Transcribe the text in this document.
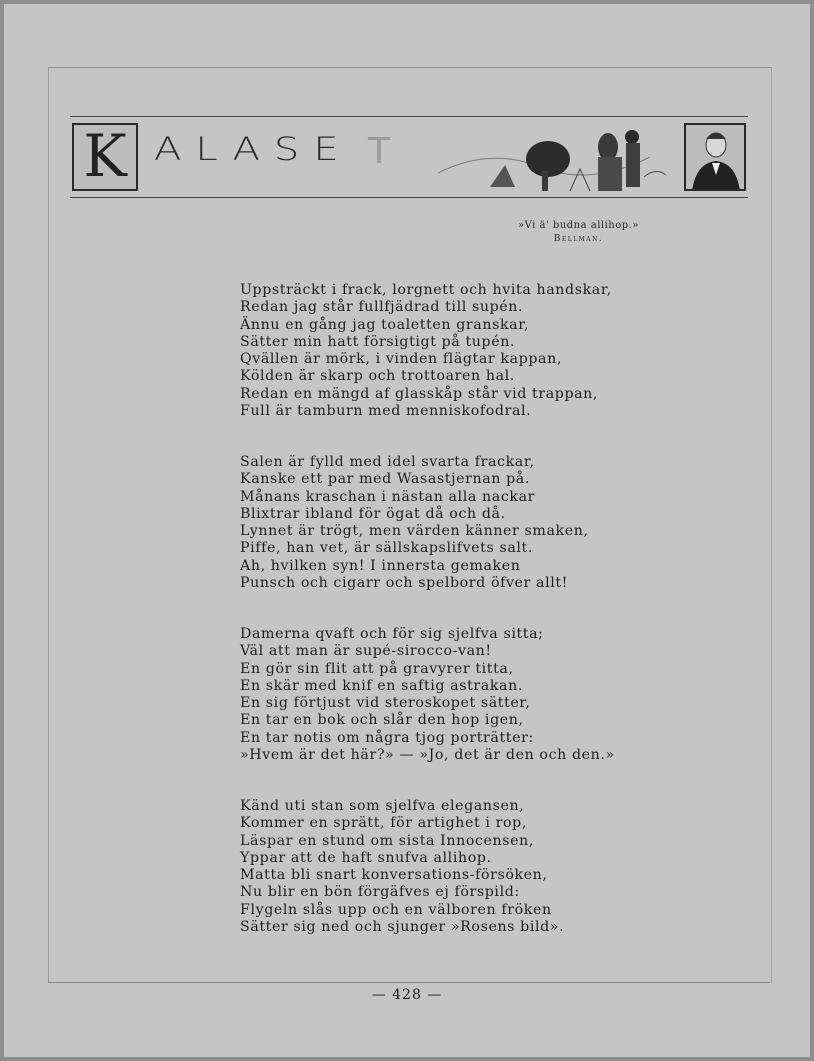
K ALASE T
»Vi ä' budna allihop.»
Bellman.
Uppsträckt i frack, lorgnett och hvita handskar,
Redan jag står fullfjädrad till supén.
Ännu en gång jag toaletten granskar,
Sätter min hatt försigtigt på tupén.
Qvällen är mörk, i vinden flägtar kappan,
Kölden är skarp och trottoaren hal.
Redan en mängd af glasskåp står vid trappan,
Full är tamburn med menniskofodral.
Salen är fylld med idel svarta frackar,
Kanske ett par med Wasastjernan på.
Månans kraschan i nästan alla nackar
Blixtrar ibland för ögat då och då.
Lynnet är trögt, men värden känner smaken,
Piffe, han vet, är sällskapslifvets salt.
Ah, hvilken syn! I innersta gemaken
Punsch och cigarr och spelbord öfver allt!
Damerna qvaft och för sig sjelfva sitta;
Väl att man är supé-sirocco-van!
En gör sin flit att på gravyrer titta,
En skär med knif en saftig astrakan.
En sig förtjust vid steroskopet sätter,
En tar en bok och slår den hop igen,
En tar notis om några tjog porträtter:
»Hvem är det här?» — »Jo, det är den och den.»
Känd uti stan som sjelfva elegansen,
Kommer en sprätt, för artighet i rop,
Läspar en stund om sista Innocensen,
Yppar att de haft snufva allihop.
Matta bli snart konversations-försöken,
Nu blir en bön förgäfves ej förspild:
Flygeln slås upp och en välboren fröken
Sätter sig ned och sjunger »Rosens bild».
— 428 —
